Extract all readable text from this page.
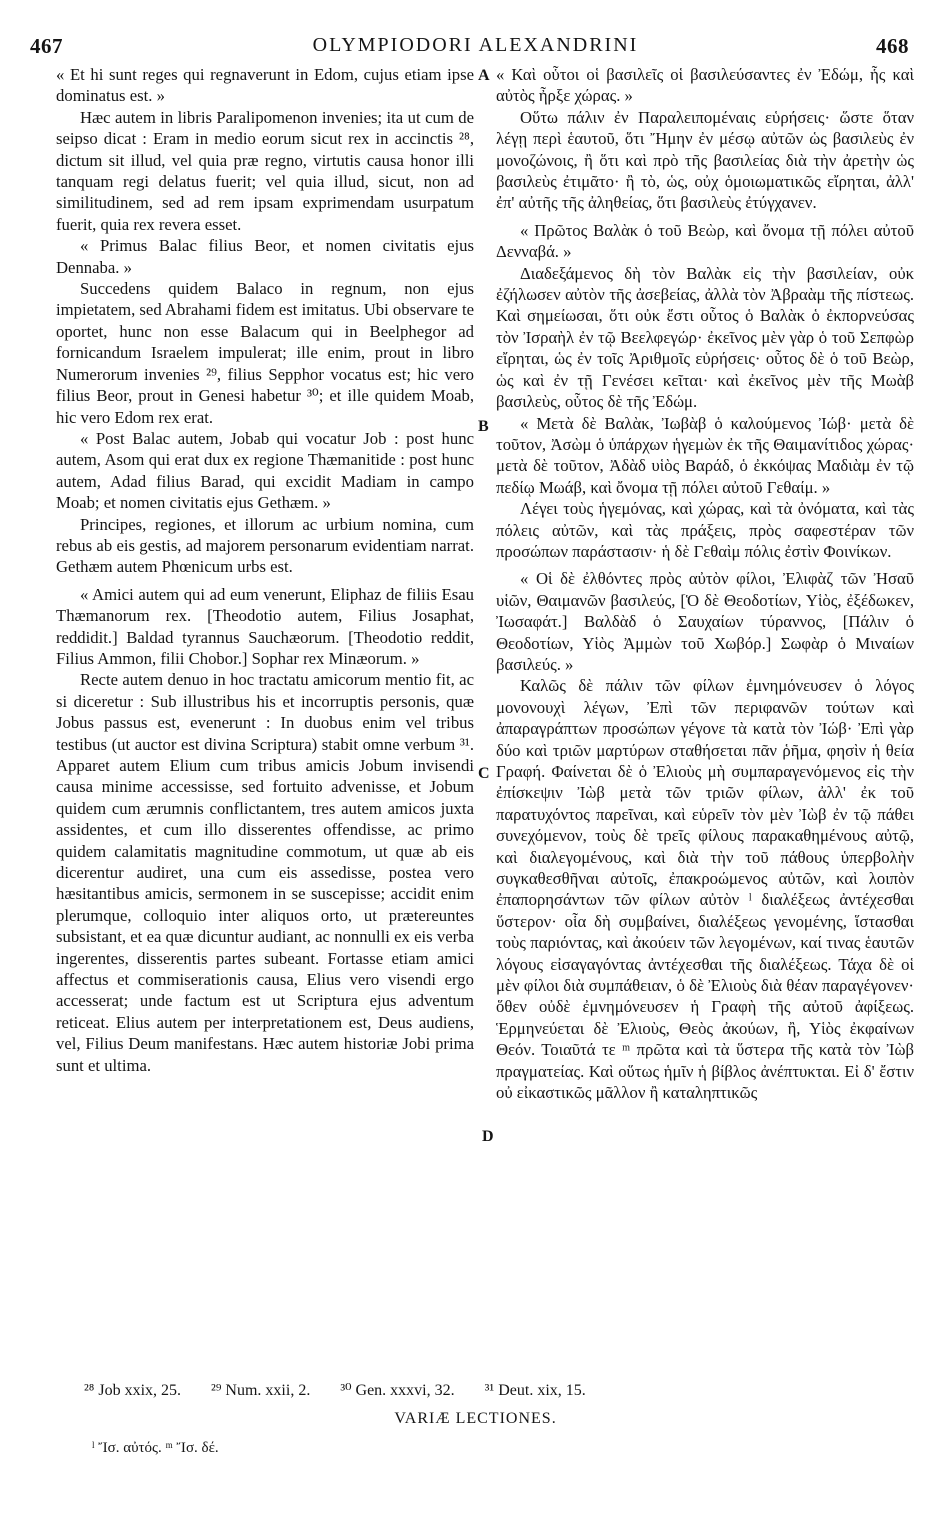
467	OLYMPIODORI ALEXANDRINI	468

« Et hi sunt reges qui regnaverunt in Edom, cujus etiam ipse dominatus est. »

Hæc autem in libris Paralipomenon invenies; ita ut cum de seipso dicat : Eram in medio eorum sicut rex in accinctis ²⁸, dictum sit illud, vel quia præ regno, virtutis causa honor illi tanquam regi delatus fuerit; vel quia illud, sicut, non ad similitudinem, sed ad rem ipsam exprimendam usurpatum fuerit, quia rex revera esset.

« Primus Balac filius Beor, et nomen civitatis ejus Dennaba. »

Succedens quidem Balaco in regnum, non ejus impietatem, sed Abrahami fidem est imitatus. Ubi observare te oportet, hunc non esse Balacum qui in Beelphegor ad fornicandum Israelem impulerat; ille enim, prout in libro Numerorum invenies ²⁹, filius Sepphor vocatus est; hic vero filius Beor, prout in Genesi habetur ³⁰; et ille quidem Moab, hic vero Edom rex erat.

« Post Balac autem, Jobab qui vocatur Job : post hunc autem, Asom qui erat dux ex regione Thæmanitide : post hunc autem, Adad filius Barad, qui excidit Madiam in campo Moab; et nomen civitatis ejus Gethæm. »

Principes, regiones, et illorum ac urbium nomina, cum rebus ab eis gestis, ad majorem personarum evidentiam narrat. Gethæm autem Phœnicum urbs est.

« Amici autem qui ad eum venerunt, Eliphaz de filiis Esau Thæmanorum rex. [Theodotio autem, Filius Josaphat, reddidit.] Baldad tyrannus Sauchæorum. [Theodotio reddit, Filius Ammon, filii Chobor.] Sophar rex Minæorum. »

Recte autem denuo in hoc tractatu amicorum mentio fit, ac si diceretur : Sub illustribus his et incorruptis personis, quæ Jobus passus est, evenerunt : In duobus enim vel tribus testibus (ut auctor est divina Scriptura) stabit omne verbum ³¹. Apparet autem Elium cum tribus amicis Jobum invisendi causa minime accessisse, sed fortuito advenisse, et Jobum quidem cum ærumnis conflictantem, tres autem amicos juxta assidentes, et cum illo disserentes offendisse, ac primo quidem calamitatis magnitudine commotum, ut quæ ab eis dicerentur audiret, una cum eis assedisse, postea vero hæsitantibus amicis, sermonem in se suscepisse; accidit enim plerumque, colloquio inter aliquos orto, ut prætereuntes subsistant, et ea quæ dicuntur audiant, ac nonnulli ex eis verba ingerentes, disserentis partes subeant. Fortasse etiam amici affectus et commiserationis causa, Elius vero visendi ergo accesserat; unde factum est ut Scriptura ejus adventum reticeat. Elius autem per interpretationem est, Deus audiens, vel, Filius Deum manifestans. Hæc autem historiæ Jobi prima sunt et ultima.

A
B
C
D

« Καὶ οὗτοι οἱ βασιλεῖς οἱ βασιλεύσαντες ἐν Ἐδώμ, ἧς καὶ αὐτὸς ἦρξε χώρας. »

Οὕτω πάλιν ἐν Παραλειπομέναις εὑρήσεις· ὥστε ὅταν λέγῃ περὶ ἑαυτοῦ, ὅτι Ἤμην ἐν μέσῳ αὐτῶν ὡς βασιλεὺς ἐν μονοζώνοις, ἢ ὅτι καὶ πρὸ τῆς βασιλείας διὰ τὴν ἀρετὴν ὡς βασιλεὺς ἐτιμᾶτο· ἢ τὸ, ὡς, οὐχ ὁμοιωματικῶς εἴρηται, ἀλλ' ἐπ' αὐτῆς τῆς ἀληθείας, ὅτι βασιλεὺς ἐτύγχανεν.

« Πρῶτος Βαλὰκ ὁ τοῦ Βεὼρ, καὶ ὄνομα τῇ πόλει αὐτοῦ Δενναβά. »

Διαδεξάμενος δὴ τὸν Βαλὰκ εἰς τὴν βασιλείαν, οὐκ ἐζήλωσεν αὐτὸν τῆς ἀσεβείας, ἀλλὰ τὸν Ἀβραὰμ τῆς πίστεως. Καὶ σημείωσαι, ὅτι οὐκ ἔστι οὗτος ὁ Βαλὰκ ὁ ἐκπορνεύσας τὸν Ἰσραὴλ ἐν τῷ Βεελφεγώρ· ἐκεῖνος μὲν γὰρ ὁ τοῦ Σεπφὼρ εἴρηται, ὡς ἐν τοῖς Ἀριθμοῖς εὑρήσεις· οὗτος δὲ ὁ τοῦ Βεὼρ, ὡς καὶ ἐν τῇ Γενέσει κεῖται· καὶ ἐκεῖνος μὲν τῆς Μωὰβ βασιλεὺς, οὗτος δὲ τῆς Ἐδώμ.

« Μετὰ δὲ Βαλὰκ, Ἰωβὰβ ὁ καλούμενος Ἰώβ· μετὰ δὲ τοῦτον, Ἀσὼμ ὁ ὑπάρχων ἡγεμὼν ἐκ τῆς Θαιμανίτιδος χώρας· μετὰ δὲ τοῦτον, Ἀδὰδ υἱὸς Βαράδ, ὁ ἐκκόψας Μαδιὰμ ἐν τῷ πεδίῳ Μωάβ, καὶ ὄνομα τῇ πόλει αὐτοῦ Γεθαίμ. »

Λέγει τοὺς ἡγεμόνας, καὶ χώρας, καὶ τὰ ὀνόματα, καὶ τὰς πόλεις αὐτῶν, καὶ τὰς πράξεις, πρὸς σαφεστέραν τῶν προσώπων παράστασιν· ἡ δὲ Γεθαὶμ πόλις ἐστὶν Φοινίκων.

« Οἱ δὲ ἐλθόντες πρὸς αὐτὸν φίλοι, Ἐλιφὰζ τῶν Ἠσαῦ υἱῶν, Θαιμανῶν βασιλεύς, [Ὁ δὲ Θεοδοτίων, Υἱὸς, ἐξέδωκεν, Ἰωσαφάτ.] Βαλδὰδ ὁ Σαυχαίων τύραννος, [Πάλιν ὁ Θεοδοτίων, Υἱὸς Ἀμμὼν τοῦ Χωβόρ.] Σωφὰρ ὁ Μιναίων βασιλεύς. »

Καλῶς δὲ πάλιν τῶν φίλων ἐμνημόνευσεν ὁ λόγος μονονουχὶ λέγων, Ἐπὶ τῶν περιφανῶν τούτων καὶ ἀπαραγράπτων προσώπων γέγονε τὰ κατὰ τὸν Ἰώβ· Ἐπὶ γὰρ δύο καὶ τριῶν μαρτύρων σταθήσεται πᾶν ῥῆμα, φησὶν ἡ θεία Γραφή. Φαίνεται δὲ ὁ Ἐλιοὺς μὴ συμπαραγενόμενος εἰς τὴν ἐπίσκεψιν Ἰὼβ μετὰ τῶν τριῶν φίλων, ἀλλ' ἐκ τοῦ παρατυχόντος παρεῖναι, καὶ εὑρεῖν τὸν μὲν Ἰὼβ ἐν τῷ πάθει συνεχόμενον, τοὺς δὲ τρεῖς φίλους παρακαθημένους αὐτῷ, καὶ διαλεγομένους, καὶ διὰ τὴν τοῦ πάθους ὑπερβολὴν συγκαθεσθῆναι αὐτοῖς, ἐπακροώμενος αὐτῶν, καὶ λοιπὸν ἐπαπορησάντων τῶν φίλων αὐτὸν ˡ διαλέξεως ἀντέχεσθαι ὕστερον· οἷα δὴ συμβαίνει, διαλέξεως γενομένης, ἵστασθαι τοὺς παριόντας, καὶ ἀκούειν τῶν λεγομένων, καί τινας ἑαυτῶν λόγους εἰσαγαγόντας ἀντέχεσθαι τῆς διαλέξεως. Τάχα δὲ οἱ μὲν φίλοι διὰ συμπάθειαν, ὁ δὲ Ἐλιοὺς διὰ θέαν παραγέγονεν· ὅθεν οὐδὲ ἐμνημόνευσεν ἡ Γραφὴ τῆς αὐτοῦ ἀφίξεως. Ἑρμηνεύεται δὲ Ἐλιοὺς, Θεὸς ἀκούων, ἢ, Υἱὸς ἐκφαίνων Θεόν. Τοιαῦτά τε ᵐ πρῶτα καὶ τὰ ὕστερα τῆς κατὰ τὸν Ἰὼβ πραγματείας. Καὶ οὕτως ἡμῖν ἡ βίβλος ἀνέπτυκται. Εἰ δ' ἔστιν οὐ εἰκαστικῶς μᾶλλον ἢ καταληπτικῶς

²⁸ Job xxix, 25. ²⁹ Num. xxii, 2. ³⁰ Gen. xxxvi, 32. ³¹ Deut. xix, 15.
VARIÆ LECTIONES.
ˡ Ἴσ. αὐτός. ᵐ Ἴσ. δέ.
